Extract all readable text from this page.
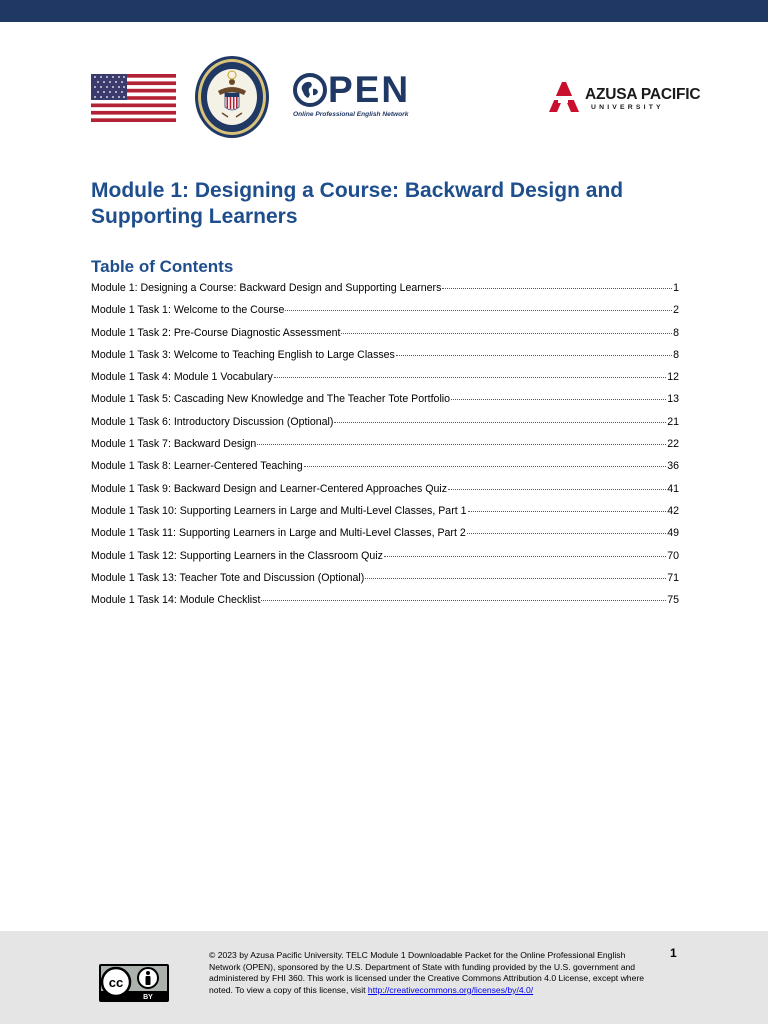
PEN
Online Professional English Network
AZUSA PACIFIC
UNIVERSITY
Module 1: Designing a Course: Backward Design and Supporting Learners
Table of Contents
Module 1: Designing a Course: Backward Design and Supporting Learners	1
Module 1 Task 1: Welcome to the Course	2
Module 1 Task 2: Pre-Course Diagnostic Assessment	8
Module 1 Task 3: Welcome to Teaching English to Large Classes	8
Module 1 Task 4: Module 1 Vocabulary	12
Module 1 Task 5: Cascading New Knowledge and The Teacher Tote Portfolio	13
Module 1 Task 6: Introductory Discussion (Optional)	21
Module 1 Task 7: Backward Design	22
Module 1 Task 8: Learner-Centered Teaching	36
Module 1 Task 9: Backward Design and Learner-Centered Approaches Quiz	41
Module 1 Task 10: Supporting Learners in Large and Multi-Level Classes, Part 1	42
Module 1 Task 11: Supporting Learners in Large and Multi-Level Classes, Part 2	49
Module 1 Task 12: Supporting Learners in the Classroom Quiz	70
Module 1 Task 13: Teacher Tote and Discussion (Optional)	71
Module 1 Task 14: Module Checklist	75
cc
BY
© 2023 by Azusa Pacific University. TELC Module 1 Downloadable Packet for the Online Professional English Network (OPEN), sponsored by the U.S. Department of State with funding provided by the U.S. government and administered by FHI 360. This work is licensed under the Creative Commons Attribution 4.0 License, except where noted. To view a copy of this license, visit http://creativecommons.org/licenses/by/4.0/
1
